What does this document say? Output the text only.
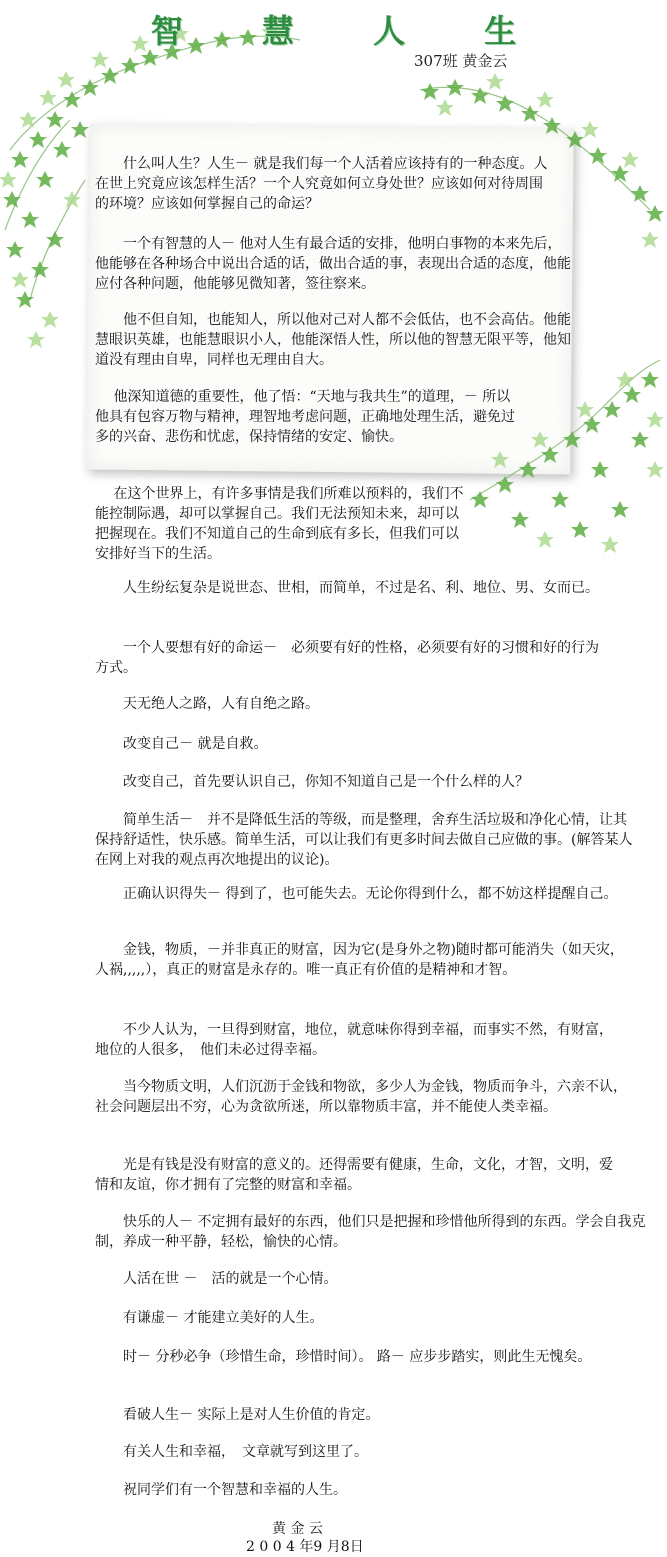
智 慧 人 生
307班 黄金云

　　什么叫人生？人生－ 就是我们每一个人活着应该持有的一种态度。人在世上究竟应该怎样生活？一个人究竟如何立身处世？应该如何对待周围的环境？应该如何掌握自己的命运？

　　一个有智慧的人－ 他对人生有最合适的安排，他明白事物的本来先后，他能够在各种场合中说出合适的话，做出合适的事，表现出合适的态度，他能应付各种问题，他能够见微知著，签往察来。

　　他不但自知，也能知人，所以他对己对人都不会低估，也不会高估。他能慧眼识英雄，也能慧眼识小人，他能深悟人性，所以他的智慧无限平等，他知道没有理由自卑，同样也无理由自大。

　 他深知道德的重要性，他了悟：“天地与我共生”的道理，－ 所以他具有包容万物与精神，理智地考虑问题，正确地处理生活，避免过多的兴奋、悲伤和忧虑，保持情绪的安定、愉快。

　 在这个世界上，有许多事情是我们所难以预料的，我们不能控制际遇，却可以掌握自己。我们无法预知未来，却可以把握现在。我们不知道自己的生命到底有多长，但我们可以安排好当下的生活。

　　人生纷纭复杂是说世态、世相，而简单，不过是名、利、地位、男、女而已。

　　一个人要想有好的命运－　必须要有好的性格，必须要有好的习惯和好的行为方式。

　　天无绝人之路，人有自绝之路。

　　改变自己－ 就是自救。

　　改变自己，首先要认识自己，你知不知道自己是一个什么样的人？

　　简单生活－　并不是降低生活的等级，而是整理，舍弃生活垃圾和净化心情，让其保持舒适性，快乐感。简单生活，可以让我们有更多时间去做自己应做的事。(解答某人在网上对我的观点再次地提出的议论)。

　　正确认识得失－ 得到了，也可能失去。无论你得到什么，都不妨这样提醒自己。

　　金钱，物质，－并非真正的财富，因为它(是身外之物)随时都可能消失（如天灾，人祸,,,,,），真正的财富是永存的。唯一真正有价值的是精神和才智。

　　不少人认为，一旦得到财富，地位，就意味你得到幸福，而事实不然，有财富，地位的人很多，　他们未必过得幸福。

　　当今物质文明，人们沉沥于金钱和物欲，多少人为金钱，物质而争斗，六亲不认，社会问题层出不穷，心为贪欲所迷，所以靠物质丰富，并不能使人类幸福。

　　光是有钱是没有财富的意义的。还得需要有健康，生命，文化，才智，文明，爱情和友谊，你才拥有了完整的财富和幸福。

　　快乐的人－ 不定拥有最好的东西，他们只是把握和珍惜他所得到的东西。学会自我克制，养成一种平静，轻松，愉快的心情。

　　人活在世 －　活的就是一个心情。

　　有谦虚－ 才能建立美好的人生。

　　时－ 分秒必争（珍惜生命，珍惜时间）。 路－ 应步步踏实，则此生无愧矣。

　　看破人生－ 实际上是对人生价值的肯定。

　　有关人生和幸福，　文章就写到这里了。

　　祝同学们有一个智慧和幸福的人生。

黄 金 云
2 0 0 4 年9 月8日
